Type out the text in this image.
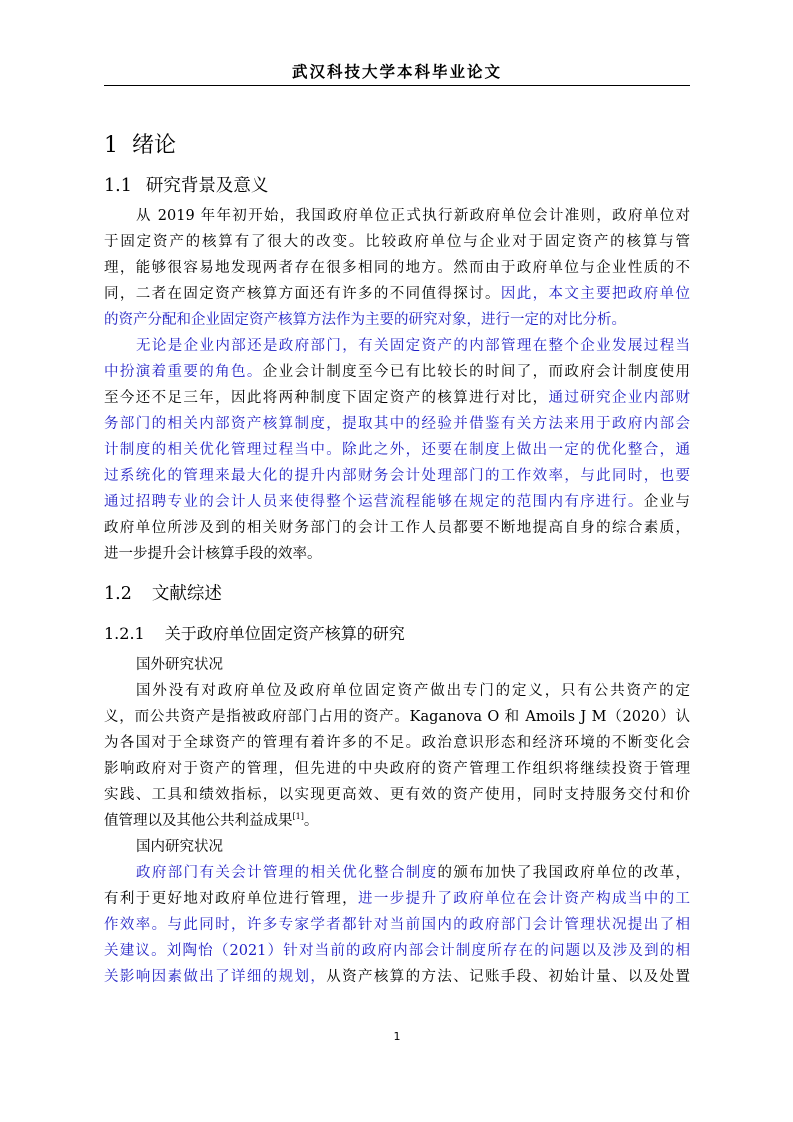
武汉科技大学本科毕业论文
1 绪论
1.1 研究背景及意义
从 2019 年年初开始，我国政府单位正式执行新政府单位会计准则，政府单位对
于固定资产的核算有了很大的改变。比较政府单位与企业对于固定资产的核算与管
理，能够很容易地发现两者存在很多相同的地方。然而由于政府单位与企业性质的不
同，二者在固定资产核算方面还有许多的不同值得探讨。因此，本文主要把政府单位
的资产分配和企业固定资产核算方法作为主要的研究对象，进行一定的对比分析。
无论是企业内部还是政府部门，有关固定资产的内部管理在整个企业发展过程当
中扮演着重要的角色。企业会计制度至今已有比较长的时间了，而政府会计制度使用
至今还不足三年，因此将两种制度下固定资产的核算进行对比，通过研究企业内部财
务部门的相关内部资产核算制度，提取其中的经验并借鉴有关方法来用于政府内部会
计制度的相关优化管理过程当中。除此之外，还要在制度上做出一定的优化整合，通
过系统化的管理来最大化的提升内部财务会计处理部门的工作效率，与此同时，也要
通过招聘专业的会计人员来使得整个运营流程能够在规定的范围内有序进行。企业与
政府单位所涉及到的相关财务部门的会计工作人员都要不断地提高自身的综合素质，
进一步提升会计核算手段的效率。
1.2 文献综述
1.2.1 关于政府单位固定资产核算的研究
国外研究状况
国外没有对政府单位及政府单位固定资产做出专门的定义，只有公共资产的定
义，而公共资产是指被政府部门占用的资产。Kaganova O 和 Amoils J M（2020）认
为各国对于全球资产的管理有着许多的不足。政治意识形态和经济环境的不断变化会
影响政府对于资产的管理，但先进的中央政府的资产管理工作组织将继续投资于管理
实践、工具和绩效指标，以实现更高效、更有效的资产使用，同时支持服务交付和价
值管理以及其他公共利益成果[1]。
国内研究状况
政府部门有关会计管理的相关优化整合制度的颁布加快了我国政府单位的改革，
有利于更好地对政府单位进行管理，进一步提升了政府单位在会计资产构成当中的工
作效率。与此同时，许多专家学者都针对当前国内的政府部门会计管理状况提出了相
关建议。刘陶怡（2021）针对当前的政府内部会计制度所存在的问题以及涉及到的相
关影响因素做出了详细的规划，从资产核算的方法、记账手段、初始计量、以及处置
1
